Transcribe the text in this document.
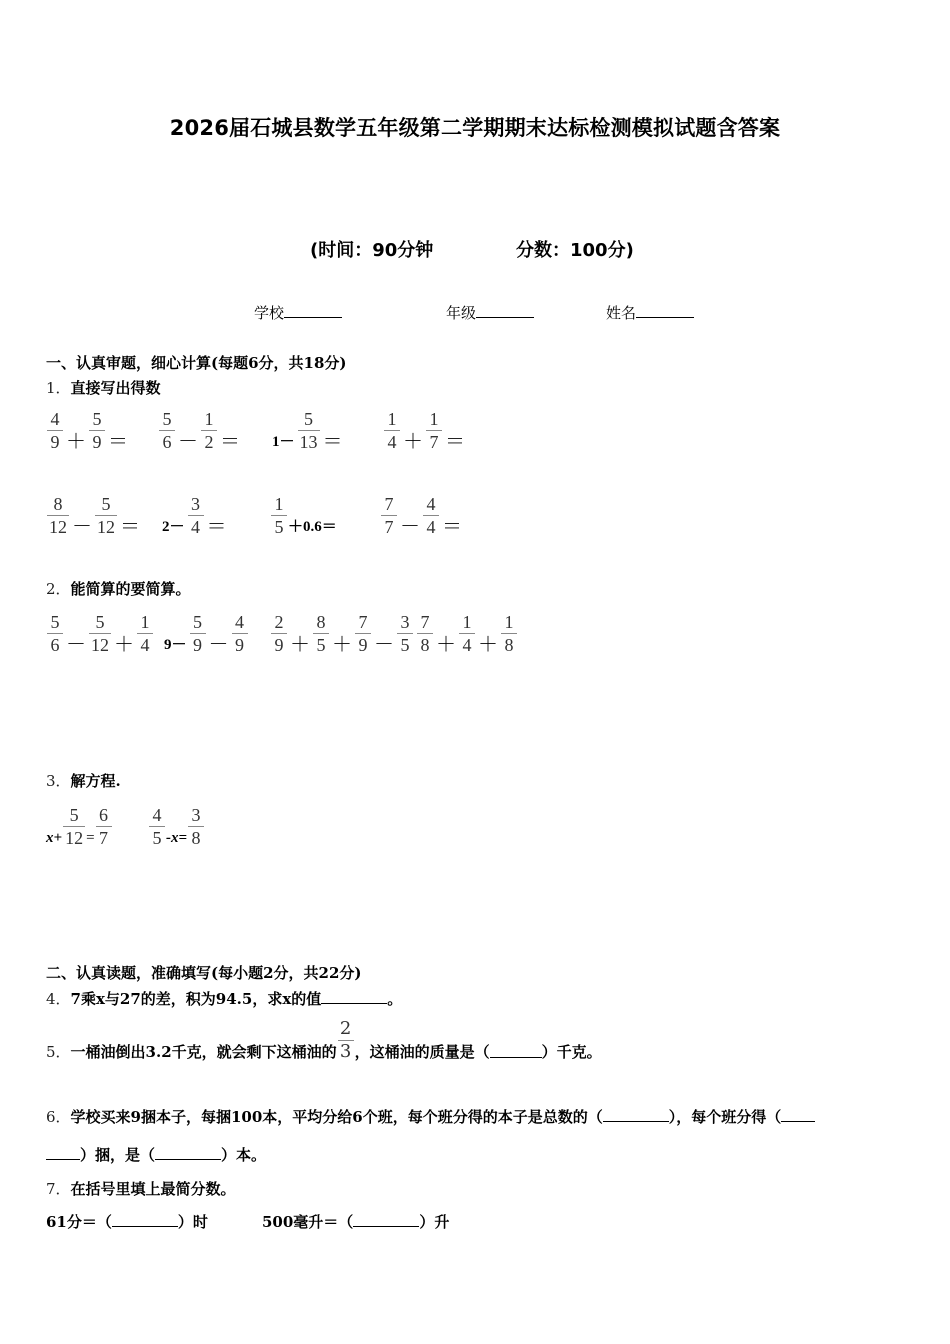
2026届石城县数学五年级第二学期期末达标检测模拟试题含答案
(时间：90分钟	分数：100分)
学校	年级	姓名
一、认真审题，细心计算(每题6分，共18分)
1．直接写出得数
$\frac{4}{9} + \frac{5}{9} = \frac{5}{6} - \frac{1}{2} = 1- \frac{5}{13} = \frac{1}{4} + \frac{1}{7}$ ＝
$\frac{8}{12} - \frac{5}{12} = 2- \frac{3}{4} = \frac{1}{5} +0.6= \frac{7}{7} - \frac{4}{4}$ ＝
2．能简算的要简算。
$\frac{5}{6} - \frac{5}{12} + \frac{1}{4} 9- \frac{5}{9} - \frac{4}{9} \frac{2}{9} + \frac{8}{5} + \frac{7}{9} - \frac{3}{5} \frac{7}{8} + \frac{1}{4} + \frac{1}{8}$
3．解方程.
$x+ \frac{5}{12} = \frac{6}{7} \frac{4}{5} -x= \frac{3}{8}$
二、认真读题，准确填写(每小题2分，共22分)
4．7乘x与27的差，积为94.5，求x的值	。
5． 一桶油倒出3.2千克，就会剩下这桶油的 $\frac{2}{3}$ ，这桶油的质量是（	）千克。
6．学校买来9捆本子，每捆100本，平均分给6个班，每个班分得的本子是总数的（	），每个班分得（
）捆，是（	）本。
7．在括号里填上最简分数。
61分＝（	）时	500毫升＝（	）升
